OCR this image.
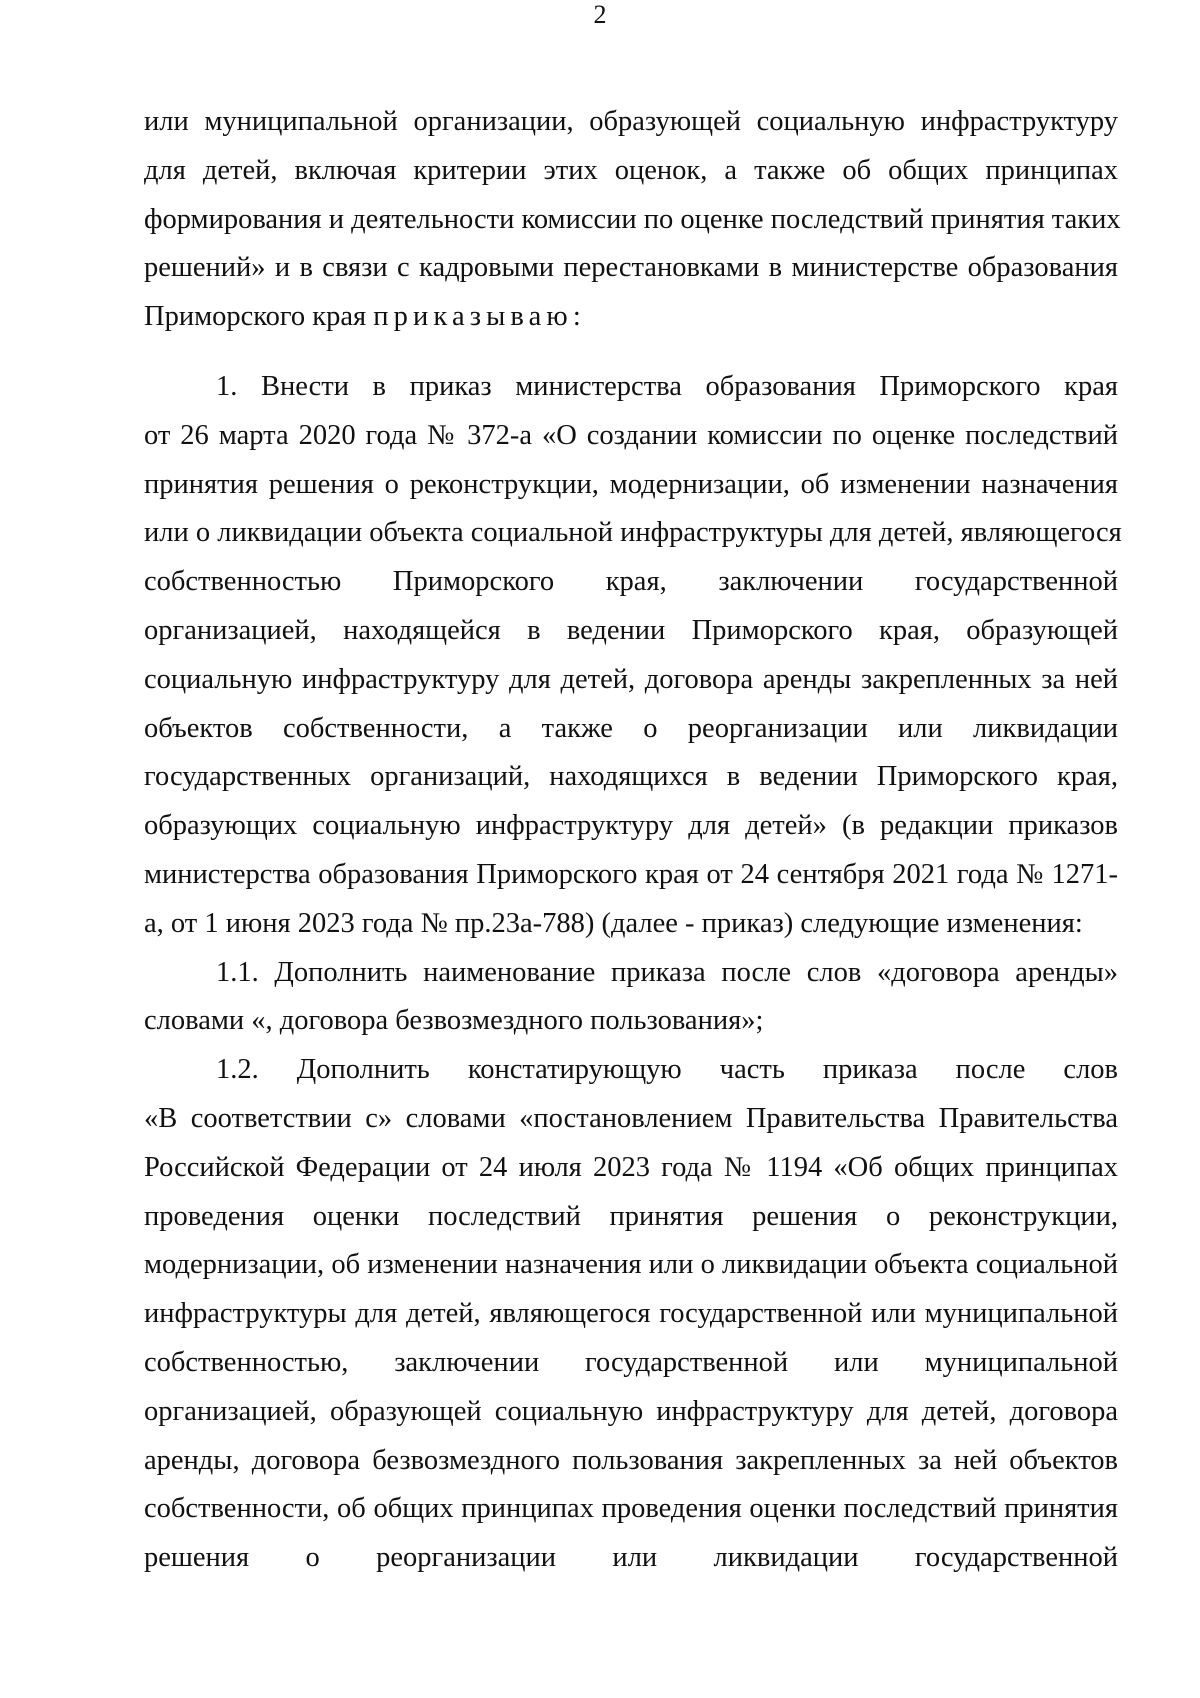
2
или муниципальной организации, образующей социальную инфраструктуру
для детей, включая критерии этих оценок, а также об общих принципах
формирования и деятельности комиссии по оценке последствий принятия таких
решений» и в связи с кадровыми перестановками в министерстве образования
Приморского края приказываю:
1. Внести в приказ министерства образования Приморского края
от 26 марта 2020 года № 372-а «О создании комиссии по оценке последствий
принятия решения о реконструкции, модернизации, об изменении назначения
или о ликвидации объекта социальной инфраструктуры для детей, являющегося
собственностью Приморского края, заключении государственной
организацией, находящейся в ведении Приморского края, образующей
социальную инфраструктуру для детей, договора аренды закрепленных за ней
объектов собственности, а также о реорганизации или ликвидации
государственных организаций, находящихся в ведении Приморского края,
образующих социальную инфраструктуру для детей» (в редакции приказов
министерства образования Приморского края от 24 сентября 2021 года № 1271-
а, от 1 июня 2023 года № пр.23а-788) (далее - приказ) следующие изменения:
1.1. Дополнить наименование приказа после слов «договора аренды»
словами «, договора безвозмездного пользования»;
1.2. Дополнить констатирующую часть приказа после слов
«В соответствии с» словами «постановлением Правительства Правительства
Российской Федерации от 24 июля 2023 года № 1194 «Об общих принципах
проведения оценки последствий принятия решения о реконструкции,
модернизации, об изменении назначения или о ликвидации объекта социальной
инфраструктуры для детей, являющегося государственной или муниципальной
собственностью, заключении государственной или муниципальной
организацией, образующей социальную инфраструктуру для детей, договора
аренды, договора безвозмездного пользования закрепленных за ней объектов
собственности, об общих принципах проведения оценки последствий принятия
решения о реорганизации или ликвидации государственной
